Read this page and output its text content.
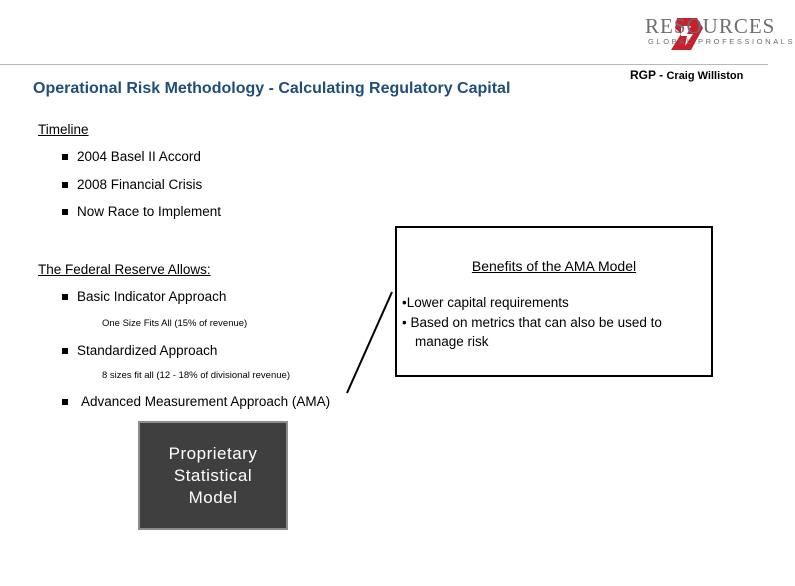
RESOURCES
GLOBAL PROFESSIONALS
RGP - Craig Williston
Operational Risk Methodology - Calculating Regulatory Capital
Timeline
2004 Basel II Accord
2008 Financial Crisis
Now Race to Implement
The Federal Reserve Allows:
Basic Indicator Approach
One Size Fits All (15% of revenue)
Standardized Approach
8 sizes fit all (12 - 18% of divisional revenue)
Advanced Measurement Approach (AMA)
Benefits of the AMA Model
•Lower capital requirements
• Based on metrics that can also be used to
manage risk
Proprietary
Statistical
Model
